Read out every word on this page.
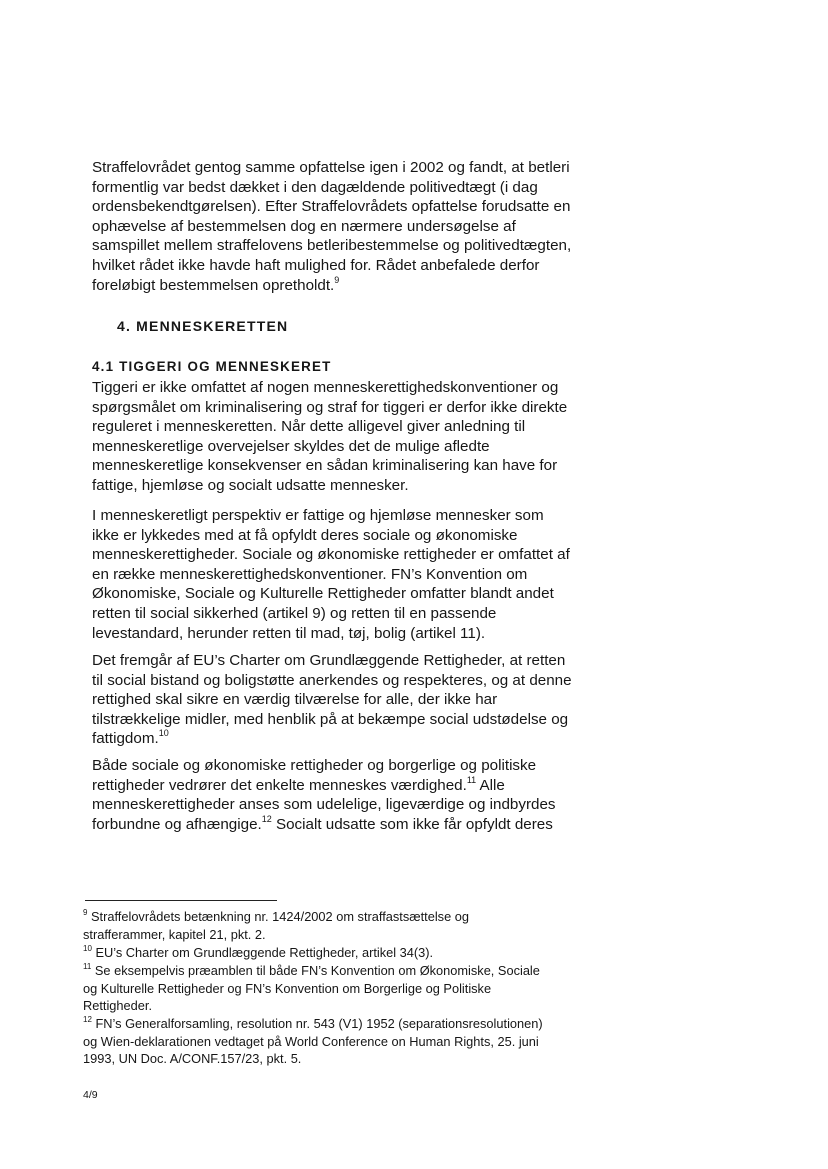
Straffelovrådet gentog samme opfattelse igen i 2002 og fandt, at betleri formentlig var bedst dækket i den dagældende politivedtægt (i dag ordensbekendtgørelsen). Efter Straffelovrådets opfattelse forudsatte en ophævelse af bestemmelsen dog en nærmere undersøgelse af samspillet mellem straffelovens betleribestemmelse og politivedtægten, hvilket rådet ikke havde haft mulighed for. Rådet anbefalede derfor foreløbigt bestemmelsen opretholdt.$^9$

4. MENNESKERETTEN
4.1 TIGGERI OG MENNESKERET

Tiggeri er ikke omfattet af nogen menneskerettighedskonventioner og spørgsmålet om kriminalisering og straf for tiggeri er derfor ikke direkte reguleret i menneskeretten. Når dette alligevel giver anledning til menneskeretlige overvejelser skyldes det de mulige afledte menneskeretlige konsekvenser en sådan kriminalisering kan have for fattige, hjemløse og socialt udsatte mennesker.

I menneskeretligt perspektiv er fattige og hjemløse mennesker som ikke er lykkedes med at få opfyldt deres sociale og økonomiske menneskerettigheder. Sociale og økonomiske rettigheder er omfattet af en række menneskerettighedskonventioner. FN’s Konvention om Økonomiske, Sociale og Kulturelle Rettigheder omfatter blandt andet retten til social sikkerhed (artikel 9) og retten til en passende levestandard, herunder retten til mad, tøj, bolig (artikel 11).

Det fremgår af EU’s Charter om Grundlæggende Rettigheder, at retten til social bistand og boligstøtte anerkendes og respekteres, og at denne rettighed skal sikre en værdig tilværelse for alle, der ikke har tilstrækkelige midler, med henblik på at bekæmpe social udstødelse og fattigdom.$^{10}$

Både sociale og økonomiske rettigheder og borgerlige og politiske rettigheder vedrører det enkelte menneskes værdighed.$^{11}$ Alle menneskerettigheder anses som udelelige, ligeværdige og indbyrdes forbundne og afhængige.$^{12}$ Socialt udsatte som ikke får opfyldt deres

$^9$ Straffelovrådets betænkning nr. 1424/2002 om straffastsættelse og strafferammer, kapitel 21, pkt. 2.

$^{10}$ EU’s Charter om Grundlæggende Rettigheder, artikel 34(3).

$^{11}$ Se eksempelvis præamblen til både FN’s Konvention om Økonomiske, Sociale og Kulturelle Rettigheder og FN’s Konvention om Borgerlige og Politiske Rettigheder.

$^{12}$ FN’s Generalforsamling, resolution nr. 543 (V1) 1952 (separationsresolutionen) og Wien-deklarationen vedtaget på World Conference on Human Rights, 25. juni 1993, UN Doc. A/CONF.157/23, pkt. 5.

4/9
